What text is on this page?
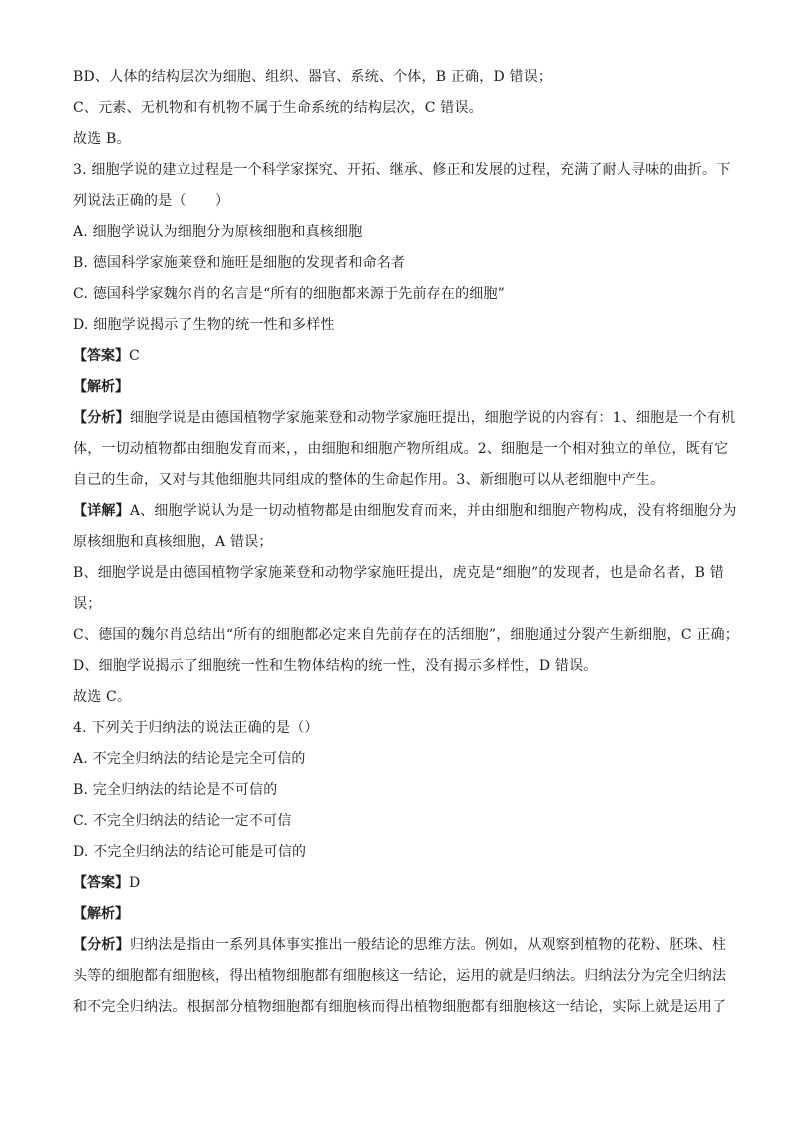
BD、人体的结构层次为细胞、组织、器官、系统、个体，B 正确，D 错误；
C、元素、无机物和有机物不属于生命系统的结构层次，C 错误。
故选 B。
3. 细胞学说的建立过程是一个科学家探究、开拓、继承、修正和发展的过程，充满了耐人寻味的曲折。下
列说法正确的是（　　）
A. 细胞学说认为细胞分为原核细胞和真核细胞
B. 德国科学家施莱登和施旺是细胞的发现者和命名者
C. 德国科学家魏尔肖的名言是“所有的细胞都来源于先前存在的细胞”
D. 细胞学说揭示了生物的统一性和多样性
【答案】C
【解析】
【分析】细胞学说是由德国植物学家施莱登和动物学家施旺提出，细胞学说的内容有：1、细胞是一个有机
体，一切动植物都由细胞发育而来，，由细胞和细胞产物所组成。2、细胞是一个相对独立的单位，既有它
自己的生命，又对与其他细胞共同组成的整体的生命起作用。3、新细胞可以从老细胞中产生。
【详解】A、细胞学说认为是一切动植物都是由细胞发育而来，并由细胞和细胞产物构成，没有将细胞分为
原核细胞和真核细胞，A 错误；
B、细胞学说是由德国植物学家施莱登和动物学家施旺提出，虎克是“细胞”的发现者，也是命名者，B 错
误；
C、德国的魏尔肖总结出“所有的细胞都必定来自先前存在的活细胞”，细胞通过分裂产生新细胞，C 正确；
D、细胞学说揭示了细胞统一性和生物体结构的统一性，没有揭示多样性，D 错误。
故选 C。
4. 下列关于归纳法的说法正确的是（）
A. 不完全归纳法的结论是完全可信的
B. 完全归纳法的结论是不可信的
C. 不完全归纳法的结论一定不可信
D. 不完全归纳法的结论可能是可信的
【答案】D
【解析】
【分析】归纳法是指由一系列具体事实推出一般结论的思维方法。例如，从观察到植物的花粉、胚珠、柱
头等的细胞都有细胞核，得出植物细胞都有细胞核这一结论，运用的就是归纳法。归纳法分为完全归纳法
和不完全归纳法。根据部分植物细胞都有细胞核而得出植物细胞都有细胞核这一结论，实际上就是运用了
